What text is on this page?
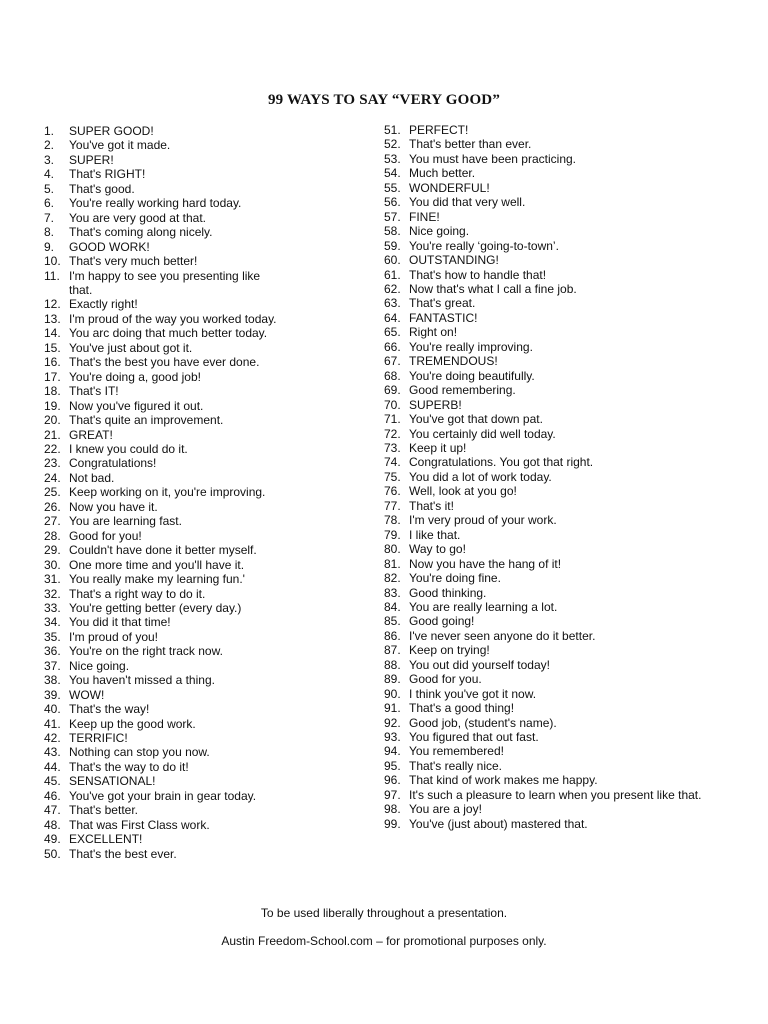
99 WAYS TO SAY “VERY GOOD”
1.	SUPER GOOD!
2.	You've got it made.
3.	SUPER!
4.	That's RIGHT!
5.	That's good.
6.	You're really working hard today.
7.	You are very good at that.
8.	That's coming along nicely.
9.	GOOD WORK!
10. That's very much better!
11. I'm happy to see you presenting like
that.
12. Exactly right!
13. I'm proud of the way you worked today.
14. You arc doing that much better today.
15. You've just about got it.
16. That's the best you have ever done.
17. You're doing a, good job!
18. That's IT!
19. Now you've figured it out.
20. That's quite an improvement.
21. GREAT!
22. I knew you could do it.
23. Congratulations!
24. Not bad.
25. Keep working on it, you're improving.
26. Now you have it.
27. You are learning fast.
28. Good for you!
29. Couldn't have done it better myself.
30. One more time and you'll have it.
31. You really make my learning fun.'
32. That's a right way to do it.
33. You're getting better (every day.)
34. You did it that time!
35. I'm proud of you!
36. You're on the right track now.
37. Nice going.
38. You haven't missed a thing.
39. WOW!
40. That's the way!
41. Keep up the good work.
42. TERRIFIC!
43. Nothing can stop you now.
44. That's the way to do it!
45. SENSATIONAL!
46. You've got your brain in gear today.
47. That's better.
48. That was First Class work.
49. EXCELLENT!
50. That's the best ever.
51. PERFECT!
52. That's better than ever.
53. You must have been practicing.
54. Much better.
55. WONDERFUL!
56. You did that very well.
57. FINE!
58. Nice going.
59. You're really ‘going-to-town’.
60. OUTSTANDING!
61. That's how to handle that!
62. Now that's what I call a fine job.
63. That's great.
64. FANTASTIC!
65. Right on!
66. You're really improving.
67. TREMENDOUS!
68. You're doing beautifully.
69. Good remembering.
70. SUPERB!
71. You've got that down pat.
72. You certainly did well today.
73. Keep it up!
74. Congratulations. You got that right.
75. You did a lot of work today.
76. Well, look at you go!
77. That's it!
78. I'm very proud of your work.
79. I like that.
80. Way to go!
81. Now you have the hang of it!
82. You're doing fine.
83. Good thinking.
84. You are really learning a lot.
85. Good going!
86. I've never seen anyone do it better.
87. Keep on trying!
88. You out did yourself today!
89. Good for you.
90. I think you've got it now.
91. That's a good thing!
92. Good job, (student's name).
93. You figured that out fast.
94. You remembered!
95. That's really nice.
96. That kind of work makes me happy.
97. It's such a pleasure to learn when you present like that.
98. You are a joy!
99. You've (just about) mastered that.
To be used liberally throughout a presentation.
Austin Freedom-School.com – for promotional purposes only.
